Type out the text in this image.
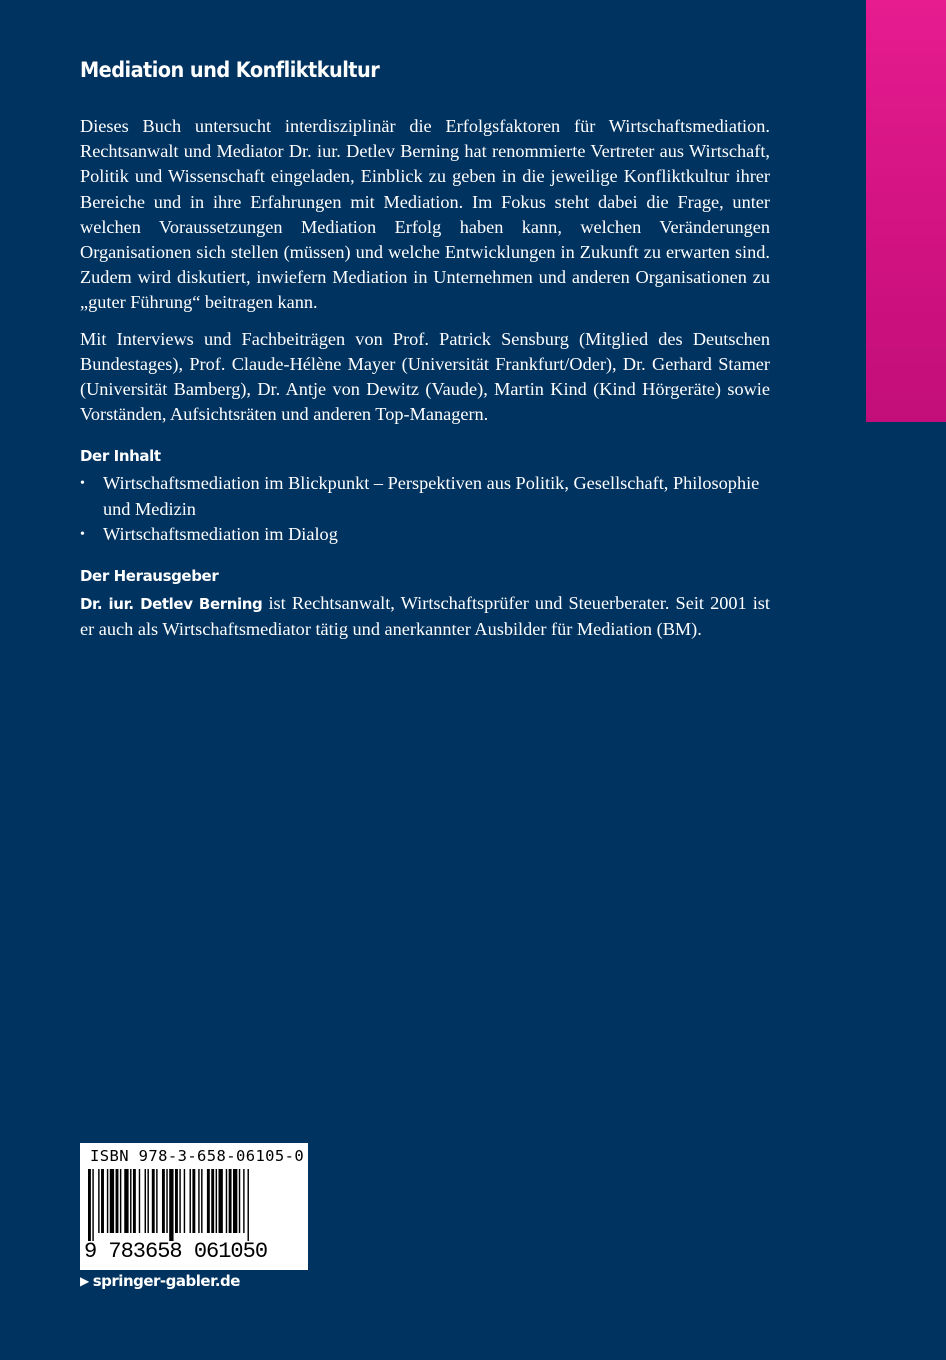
Mediation und Konfliktkultur

Dieses Buch untersucht interdisziplinär die Erfolgsfaktoren für Wirtschaftsmediation. Rechtsanwalt und Mediator Dr. iur. Detlev Berning hat renommierte Vertreter aus Wirtschaft, Politik und Wissenschaft eingeladen, Einblick zu geben in die jeweilige Konfliktkultur ihrer Bereiche und in ihre Erfahrungen mit Mediation. Im Fokus steht dabei die Frage, unter welchen Voraussetzungen Mediation Erfolg haben kann, welchen Veränderungen Organisationen sich stellen (müssen) und welche Entwicklungen in Zukunft zu erwarten sind. Zudem wird diskutiert, inwiefern Mediation in Unternehmen und anderen Organisationen zu „guter Führung“ beitragen kann.

Mit Interviews und Fachbeiträgen von Prof. Patrick Sensburg (Mitglied des Deutschen Bundestages), Prof. Claude-Hélène Mayer (Universität Frankfurt/Oder), Dr. Gerhard Stamer (Universität Bamberg), Dr. Antje von Dewitz (Vaude), Martin Kind (Kind Hörgeräte) sowie Vorständen, Aufsichtsräten und anderen Top-Managern.

Der Inhalt
• Wirtschaftsmediation im Blickpunkt – Perspektiven aus Politik, Gesellschaft, Philosophie und Medizin
• Wirtschaftsmediation im Dialog
Der Herausgeber

Dr. iur. Detlev Berning ist Rechtsanwalt, Wirtschaftsprüfer und Steuerberater. Seit 2001 ist er auch als Wirtschaftsmediator tätig und anerkannter Ausbilder für Mediation (BM).

ISBN 978-3-658-06105-0
9 783658 061050
▶ springer-gabler.de
